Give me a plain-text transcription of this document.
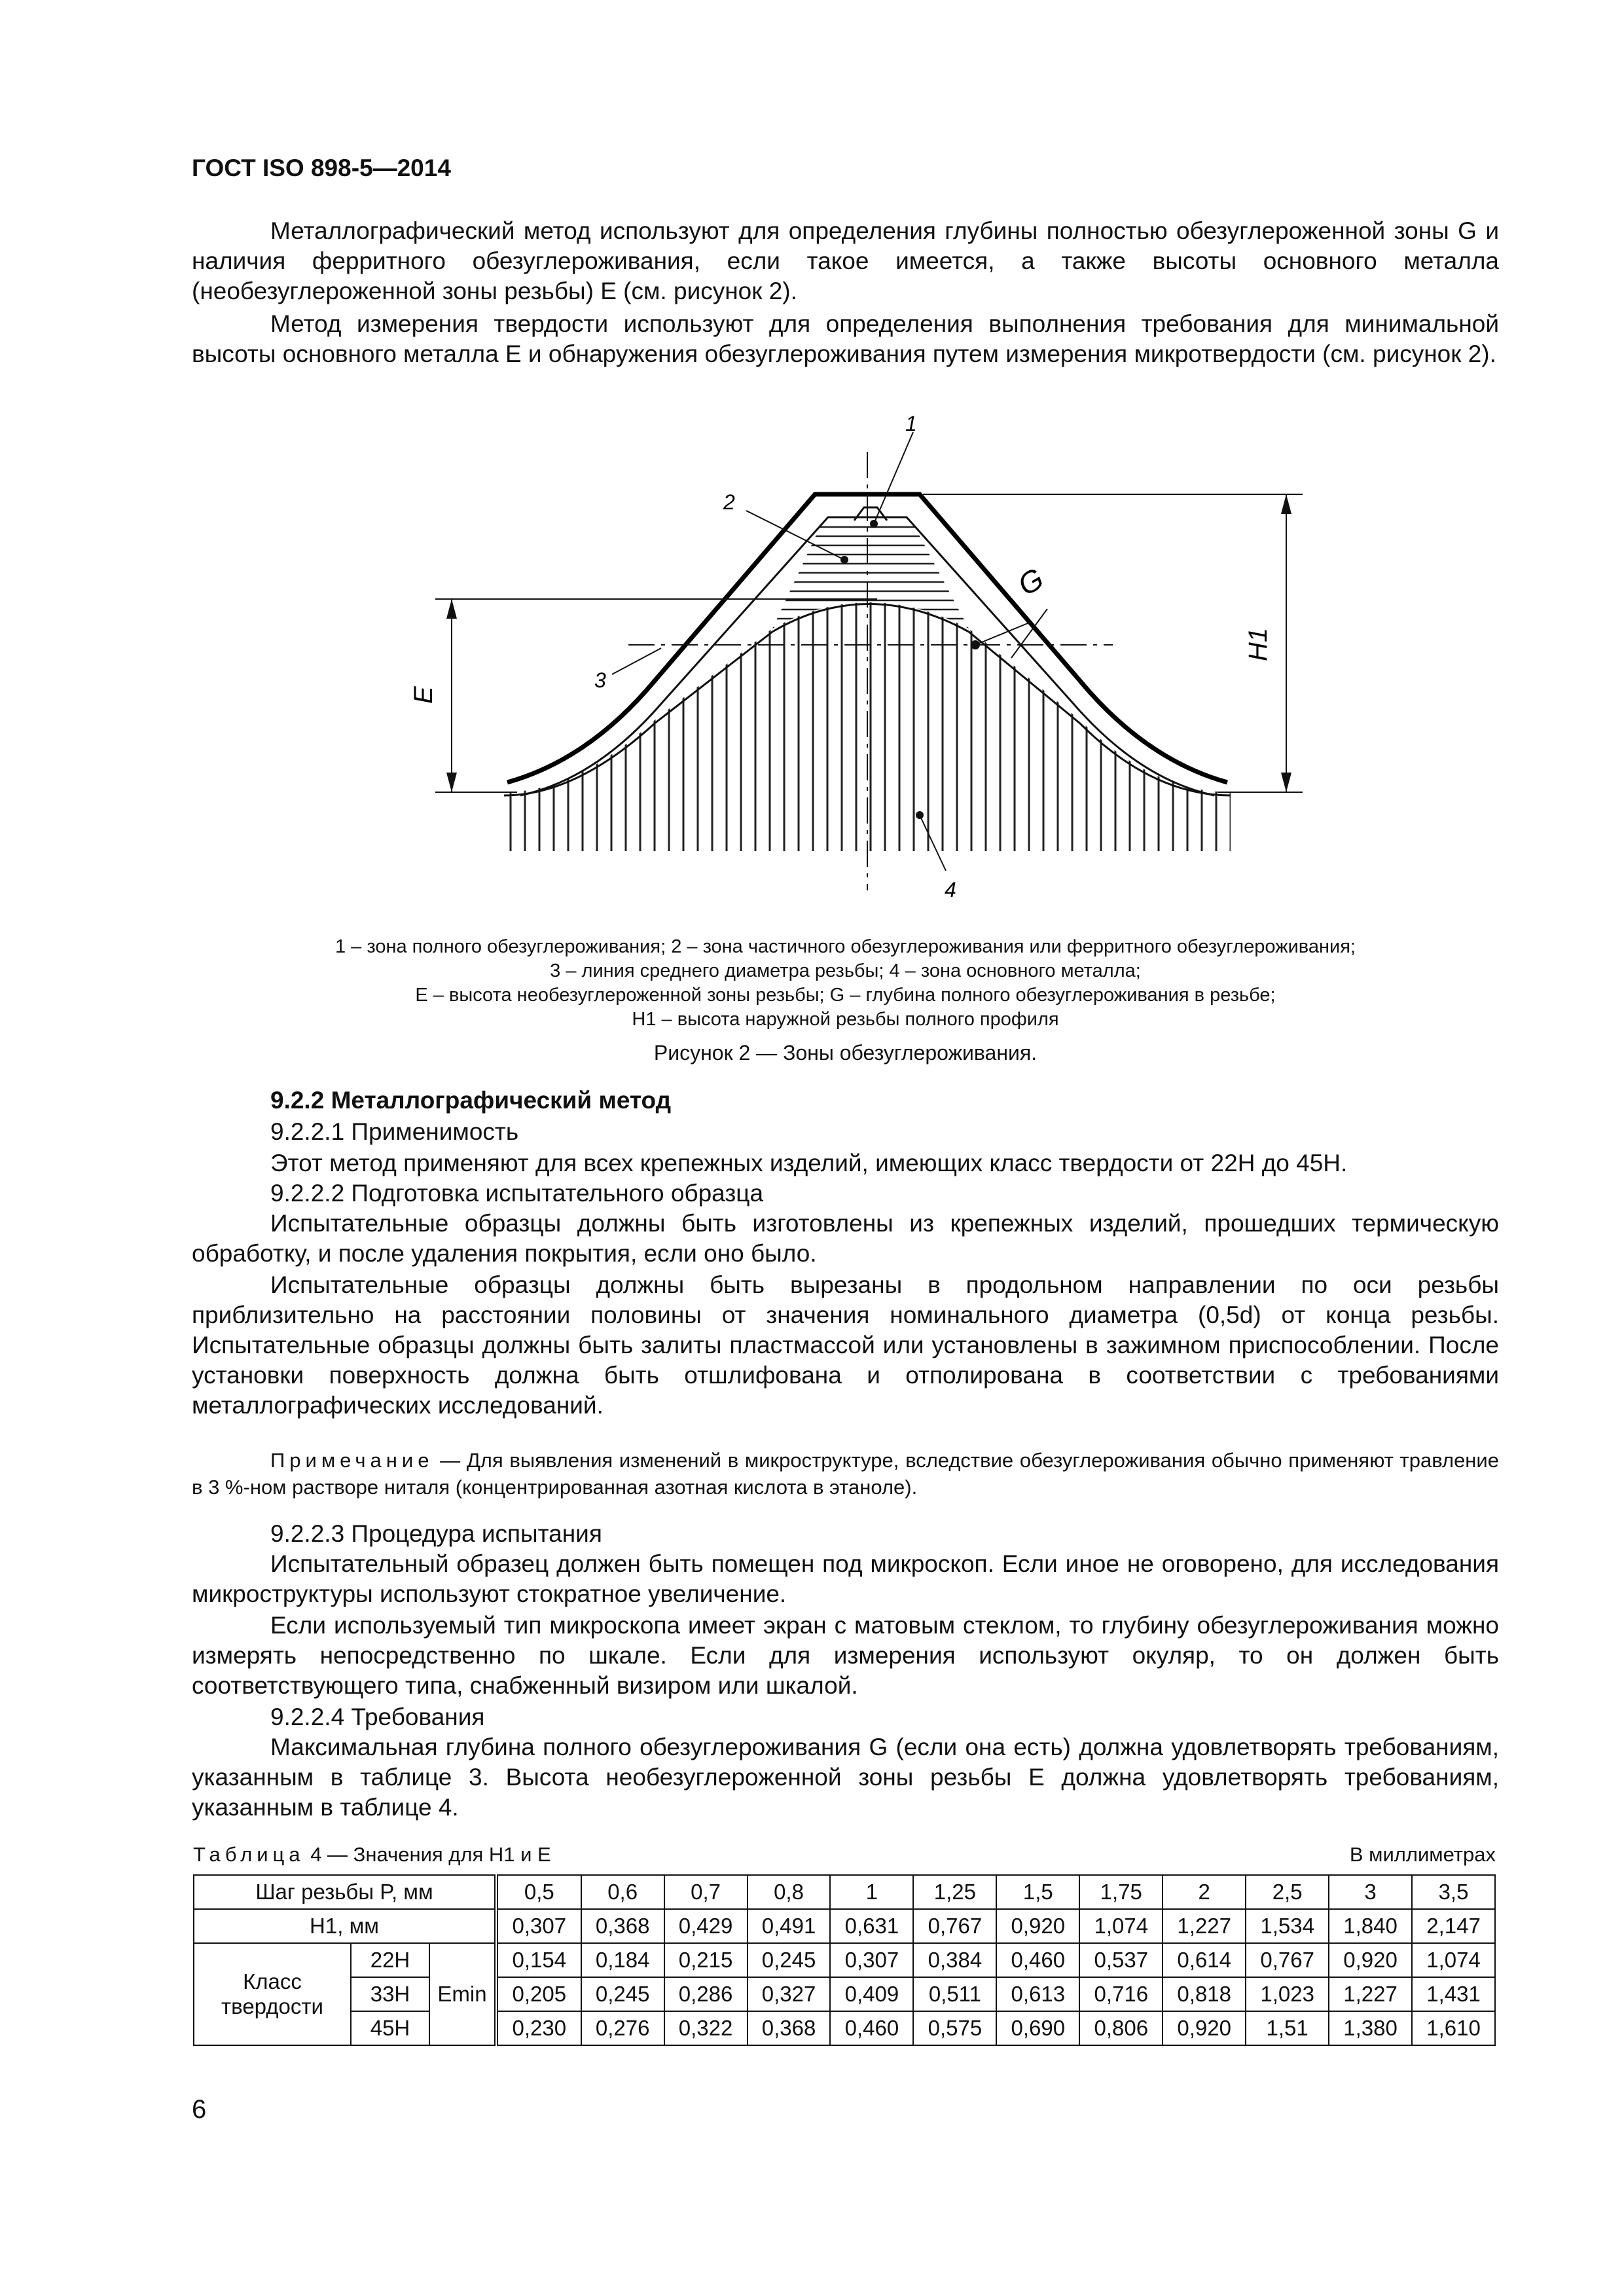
ГОСТ ISO 898-5—2014
Металлографический метод используют для определения глубины полностью обезуглероженной зоны G и наличия ферритного обезуглероживания, если такое имеется, а также высоты основного металла (необезуглероженной зоны резьбы) E (см. рисунок 2).
Метод измерения твердости используют для определения выполнения требования для минимальной высоты основного металла E и обнаружения обезуглероживания путем измерения микротвердости (см. рисунок 2).
1
2
3
4
G
E
H1
1 – зона полного обезуглероживания; 2 – зона частичного обезуглероживания или ферритного обезуглероживания;
3 – линия среднего диаметра резьбы; 4 – зона основного металла;
E – высота необезуглероженной зоны резьбы; G – глубина полного обезуглероживания в резьбе;
H1 – высота наружной резьбы полного профиля
Рисунок 2 — Зоны обезуглероживания.
9.2.2 Металлографический метод
9.2.2.1 Применимость
Этот метод применяют для всех крепежных изделий, имеющих класс твердости от 22H до 45H.
9.2.2.2 Подготовка испытательного образца
Испытательные образцы должны быть изготовлены из крепежных изделий, прошедших термическую обработку, и после удаления покрытия, если оно было.
Испытательные образцы должны быть вырезаны в продольном направлении по оси резьбы приблизительно на расстоянии половины от значения номинального диаметра (0,5d) от конца резьбы. Испытательные образцы должны быть залиты пластмассой или установлены в зажимном приспособлении. После установки поверхность должна быть отшлифована и отполирована в соответствии с требованиями металлографических исследований.
Примечание — Для выявления изменений в микроструктуре, вследствие обезуглероживания обычно применяют травление в 3 %-ном растворе ниталя (концентрированная азотная кислота в этаноле).
9.2.2.3 Процедура испытания
Испытательный образец должен быть помещен под микроскоп. Если иное не оговорено, для исследования микроструктуры используют стократное увеличение.
Если используемый тип микроскопа имеет экран с матовым стеклом, то глубину обезуглероживания можно измерять непосредственно по шкале. Если для измерения используют окуляр, то он должен быть соответствующего типа, снабженный визиром или шкалой.
9.2.2.4 Требования
Максимальная глубина полного обезуглероживания G (если она есть) должна удовлетворять требованиям, указанным в таблице 3. Высота необезуглероженной зоны резьбы E должна удовлетворять требованиям, указанным в таблице 4.
Таблица 4 — Значения для H1 и E	В миллиметрах
Шаг резьбы P, мм			0,5	0,6	0,7	0,8	1	1,25	1,5	1,75	2	2,5	3	3,5
H1, мм			0,307	0,368	0,429	0,491	0,631	0,767	0,920	1,074	1,227	1,534	1,840	2,147
Класс твердости	22H	Emin	0,154	0,184	0,215	0,245	0,307	0,384	0,460	0,537	0,614	0,767	0,920	1,074
	33H		0,205	0,245	0,286	0,327	0,409	0,511	0,613	0,716	0,818	1,023	1,227	1,431
	45H		0,230	0,276	0,322	0,368	0,460	0,575	0,690	0,806	0,920	1,51	1,380	1,610
6
